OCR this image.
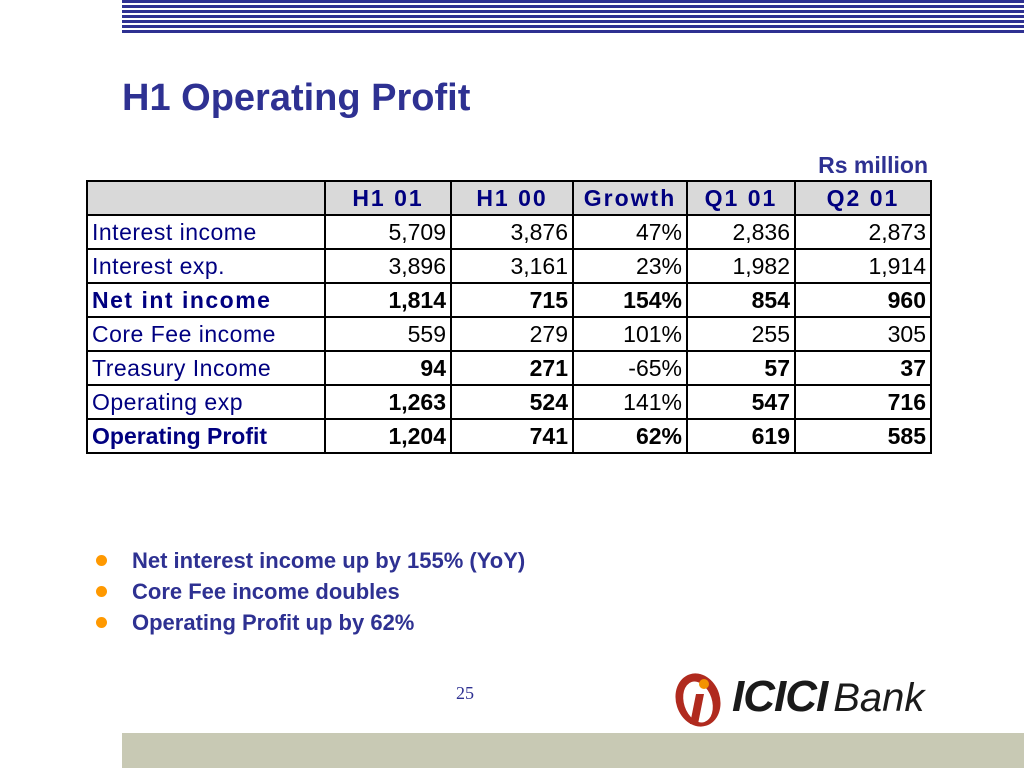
H1 Operating Profit
Rs million
	H1 01	H1 00	Growth	Q1 01	Q2 01
Interest income	5,709	3,876	47%	2,836	2,873
Interest exp.	3,896	3,161	23%	1,982	1,914
Net int income	1,814	715	154%	854	960
Core Fee income	559	279	101%	255	305
Treasury Income	94	271	-65%	57	37
Operating exp	1,263	524	141%	547	716
Operating Profit	1,204	741	62%	619	585
Net interest income up by 155% (YoY)
Core Fee income doubles
Operating Profit up by 62%
25	ICICI Bank
